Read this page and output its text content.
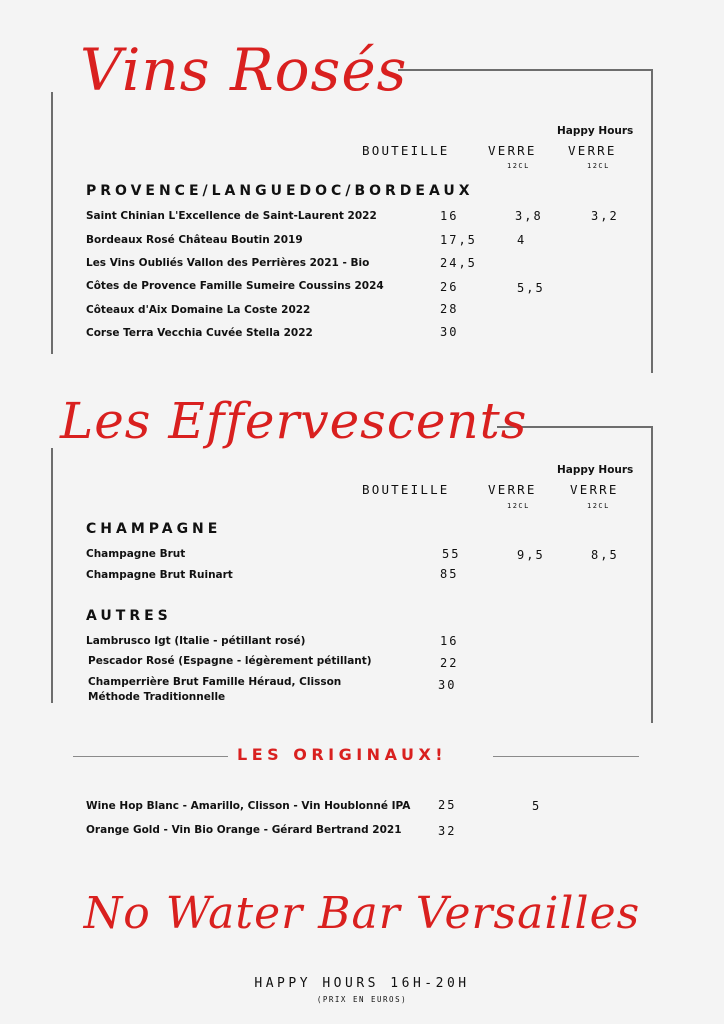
Vins Rosés
Happy Hours
BOUTEILLE	VERRE	VERRE
12CL	12CL
PROVENCE/LANGUEDOC/BORDEAUX
Saint Chinian L'Excellence de Saint-Laurent 2022	16	3,8	3,2
Bordeaux Rosé Château Boutin 2019	17,5	4
Les Vins Oubliés Vallon des Perrières 2021 - Bio	24,5
Côtes de Provence Famille Sumeire Coussins 2024	26	5,5
Côteaux d'Aix Domaine La Coste 2022	28
Corse Terra Vecchia Cuvée Stella 2022	30
Les Effervescents
Happy Hours
BOUTEILLE	VERRE	VERRE
12CL	12CL
CHAMPAGNE
Champagne Brut	55	9,5	8,5
Champagne Brut Ruinart	85
AUTRES
Lambrusco Igt (Italie - pétillant rosé)	16
Pescador Rosé (Espagne - légèrement pétillant)	22
Champerrière Brut Famille Héraud, Clisson
Méthode Traditionnelle
30
LES ORIGINAUX!
Wine Hop Blanc - Amarillo, Clisson - Vin Houblonné IPA 25	5
Orange Gold - Vin Bio Orange - Gérard Bertrand 2021	32
No Water Bar Versailles
HAPPY HOURS 16H-20H
(PRIX EN EUROS)
